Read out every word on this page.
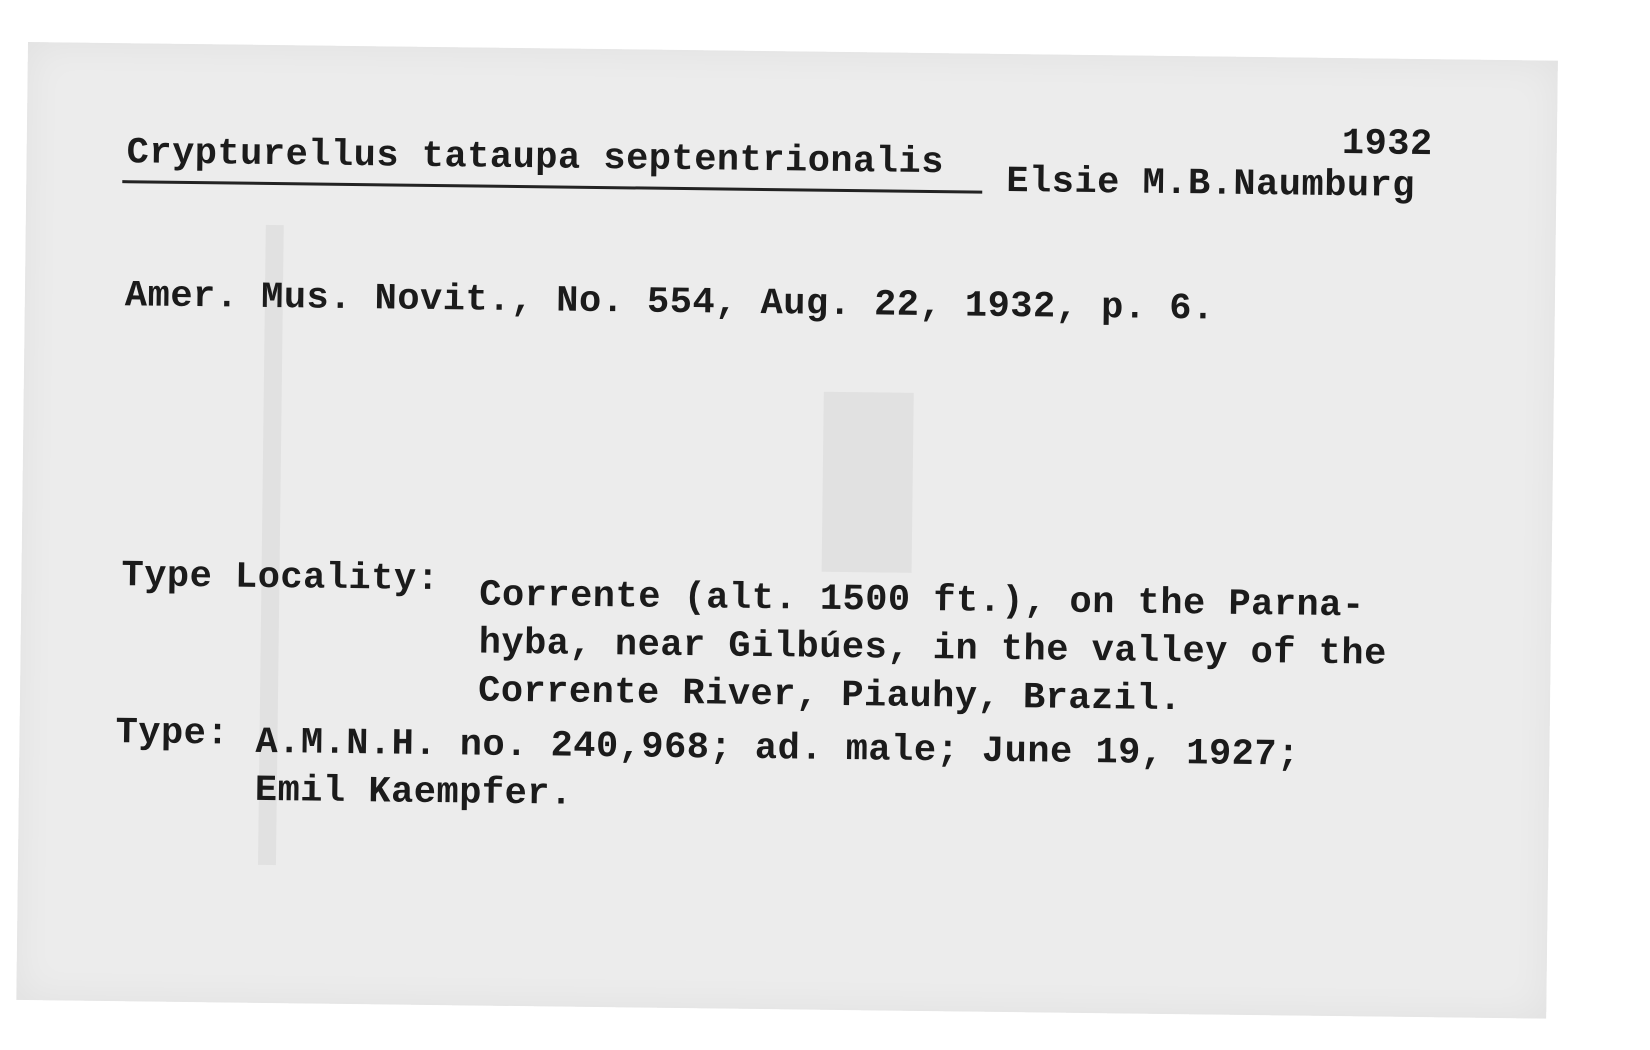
1932
Crypturellus tataupa septentrionalis
Elsie M.B.Naumburg
Amer. Mus. Novit., No. 554, Aug. 22, 1932, p. 6.
Type Locality: Corrente (alt. 1500 ft.), on the Parna-
hyba, near Gilbúes, in the valley of the
Corrente River, Piauhy, Brazil.
Type: A.M.N.H. no. 240,968; ad. male; June 19, 1927;
Emil Kaempfer.
